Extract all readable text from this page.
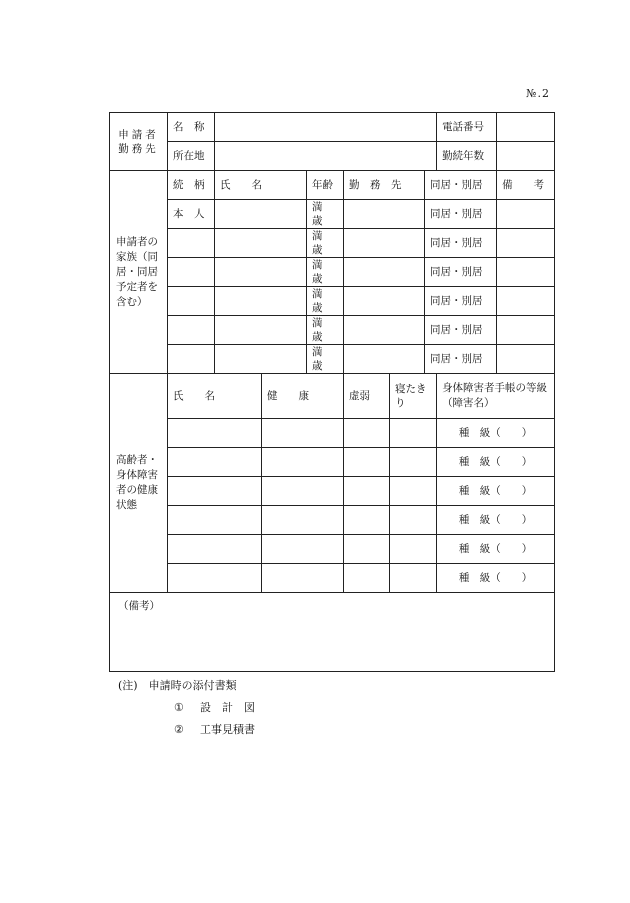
№.2
申請者
勤務先	名　称							電話番号	
	所在地							勤続年数	
申請者の家族（同居・同居予定者を含む）	続　柄	氏　　名		年齢	勤　務　先		同居・別居		備　　考
	本　人			満　歳			同居・別居		
				満　歳			同居・別居		
				満　歳			同居・別居		
				満　歳			同居・別居		
				満　歳			同居・別居		
				満　歳			同居・別居		
高齢者・身体障害者の健康状態	氏　　名		健　　康		虚弱	寝たきり		身体障害者手帳の等級（障害名）	
								種　級（　　）	
								種　級（　　）	
								種　級（　　）	
								種　級（　　）	
								種　級（　　）	
								種　級（　　）	
（備考）									
(注)　申請時の添付書類
① 設　計　図
② 工事見積書
